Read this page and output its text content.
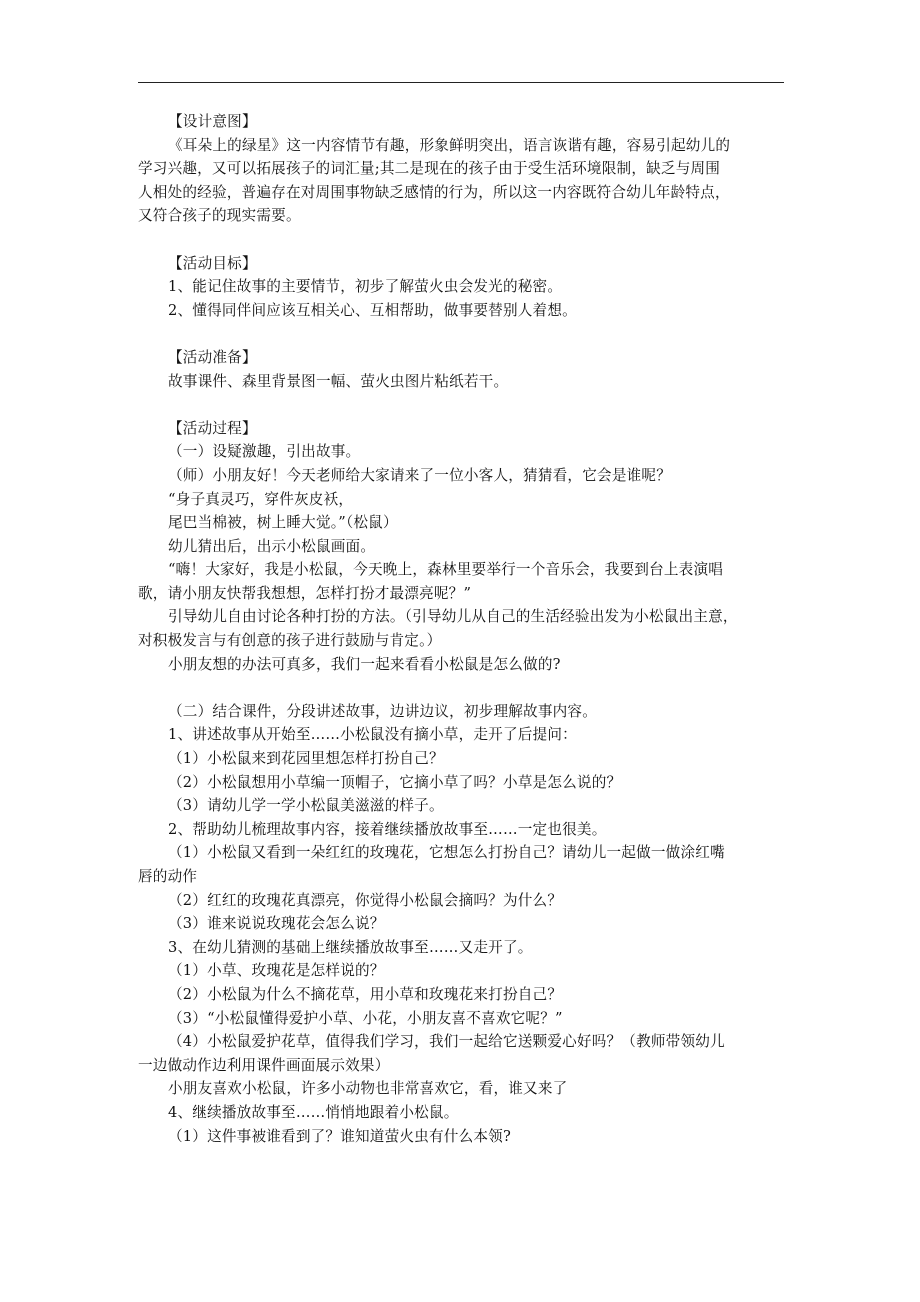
【设计意图】
《耳朵上的绿星》这一内容情节有趣，形象鲜明突出，语言诙谐有趣，容易引起幼儿的
学习兴趣，又可以拓展孩子的词汇量;其二是现在的孩子由于受生活环境限制，缺乏与周围
人相处的经验，普遍存在对周围事物缺乏感情的行为，所以这一内容既符合幼儿年龄特点，
又符合孩子的现实需要。
【活动目标】
1、能记住故事的主要情节，初步了解萤火虫会发光的秘密。
2、懂得同伴间应该互相关心、互相帮助，做事要替别人着想。
【活动准备】
故事课件、森里背景图一幅、萤火虫图片粘纸若干。
【活动过程】
（一）设疑激趣，引出故事。
（师）小朋友好！今天老师给大家请来了一位小客人，猜猜看，它会是谁呢？
“身子真灵巧，穿件灰皮袄，
尾巴当棉被，树上睡大觉。”（松鼠）
幼儿猜出后，出示小松鼠画面。
“嗨！大家好，我是小松鼠，今天晚上，森林里要举行一个音乐会，我要到台上表演唱
歌，请小朋友快帮我想想，怎样打扮才最漂亮呢？”
引导幼儿自由讨论各种打扮的方法。（引导幼儿从自己的生活经验出发为小松鼠出主意，
对积极发言与有创意的孩子进行鼓励与肯定。）
小朋友想的办法可真多，我们一起来看看小松鼠是怎么做的?
（二）结合课件，分段讲述故事，边讲边议，初步理解故事内容。
1、讲述故事从开始至……小松鼠没有摘小草，走开了后提问：
（1）小松鼠来到花园里想怎样打扮自己？
（2）小松鼠想用小草编一顶帽子，它摘小草了吗？小草是怎么说的？
（3）请幼儿学一学小松鼠美滋滋的样子。
2、帮助幼儿梳理故事内容，接着继续播放故事至……一定也很美。
（1）小松鼠又看到一朵红红的玫瑰花，它想怎么打扮自己？请幼儿一起做一做涂红嘴
唇的动作
（2）红红的玫瑰花真漂亮，你觉得小松鼠会摘吗？为什么？
（3）谁来说说玫瑰花会怎么说？
3、在幼儿猜测的基础上继续播放故事至……又走开了。
（1）小草、玫瑰花是怎样说的？
（2）小松鼠为什么不摘花草，用小草和玫瑰花来打扮自己？
（3）“小松鼠懂得爱护小草、小花，小朋友喜不喜欢它呢？”
（4）小松鼠爱护花草，值得我们学习，我们一起给它送颗爱心好吗？（教师带领幼儿
一边做动作边利用课件画面展示效果）
小朋友喜欢小松鼠，许多小动物也非常喜欢它，看，谁又来了
4、继续播放故事至……悄悄地跟着小松鼠。
（1）这件事被谁看到了？谁知道萤火虫有什么本领?
